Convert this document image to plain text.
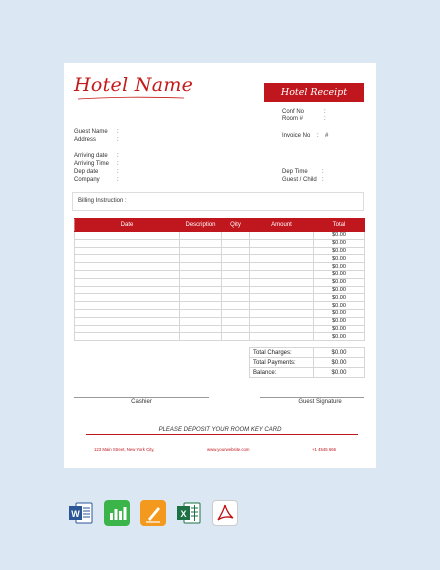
Hotel Name	Hotel Receipt
Guest Name :
Address	:
Arriving date :
Arriving Time :
Dep date	:
Company	:
Conf No	:
Room #	:
Invoice No : #
Dep Time :
Guest / Child :
Billing Instruction :
Date	Description	Qity	Amount	Total
				$0.00
				$0.00
				$0.00
				$0.00
				$0.00
				$0.00
				$0.00
				$0.00
				$0.00
				$0.00
				$0.00
				$0.00
				$0.00
				$0.00
Total Charges:	$0.00
Total Payments:	$0.00
Balance:	$0.00
Cashier	Guest Signature
PLEASE DEPOSIT YOUR ROOM KEY CARD
123 Main Street, New York City,	www.yourwebsite.com	+1 4545 666
W	X
